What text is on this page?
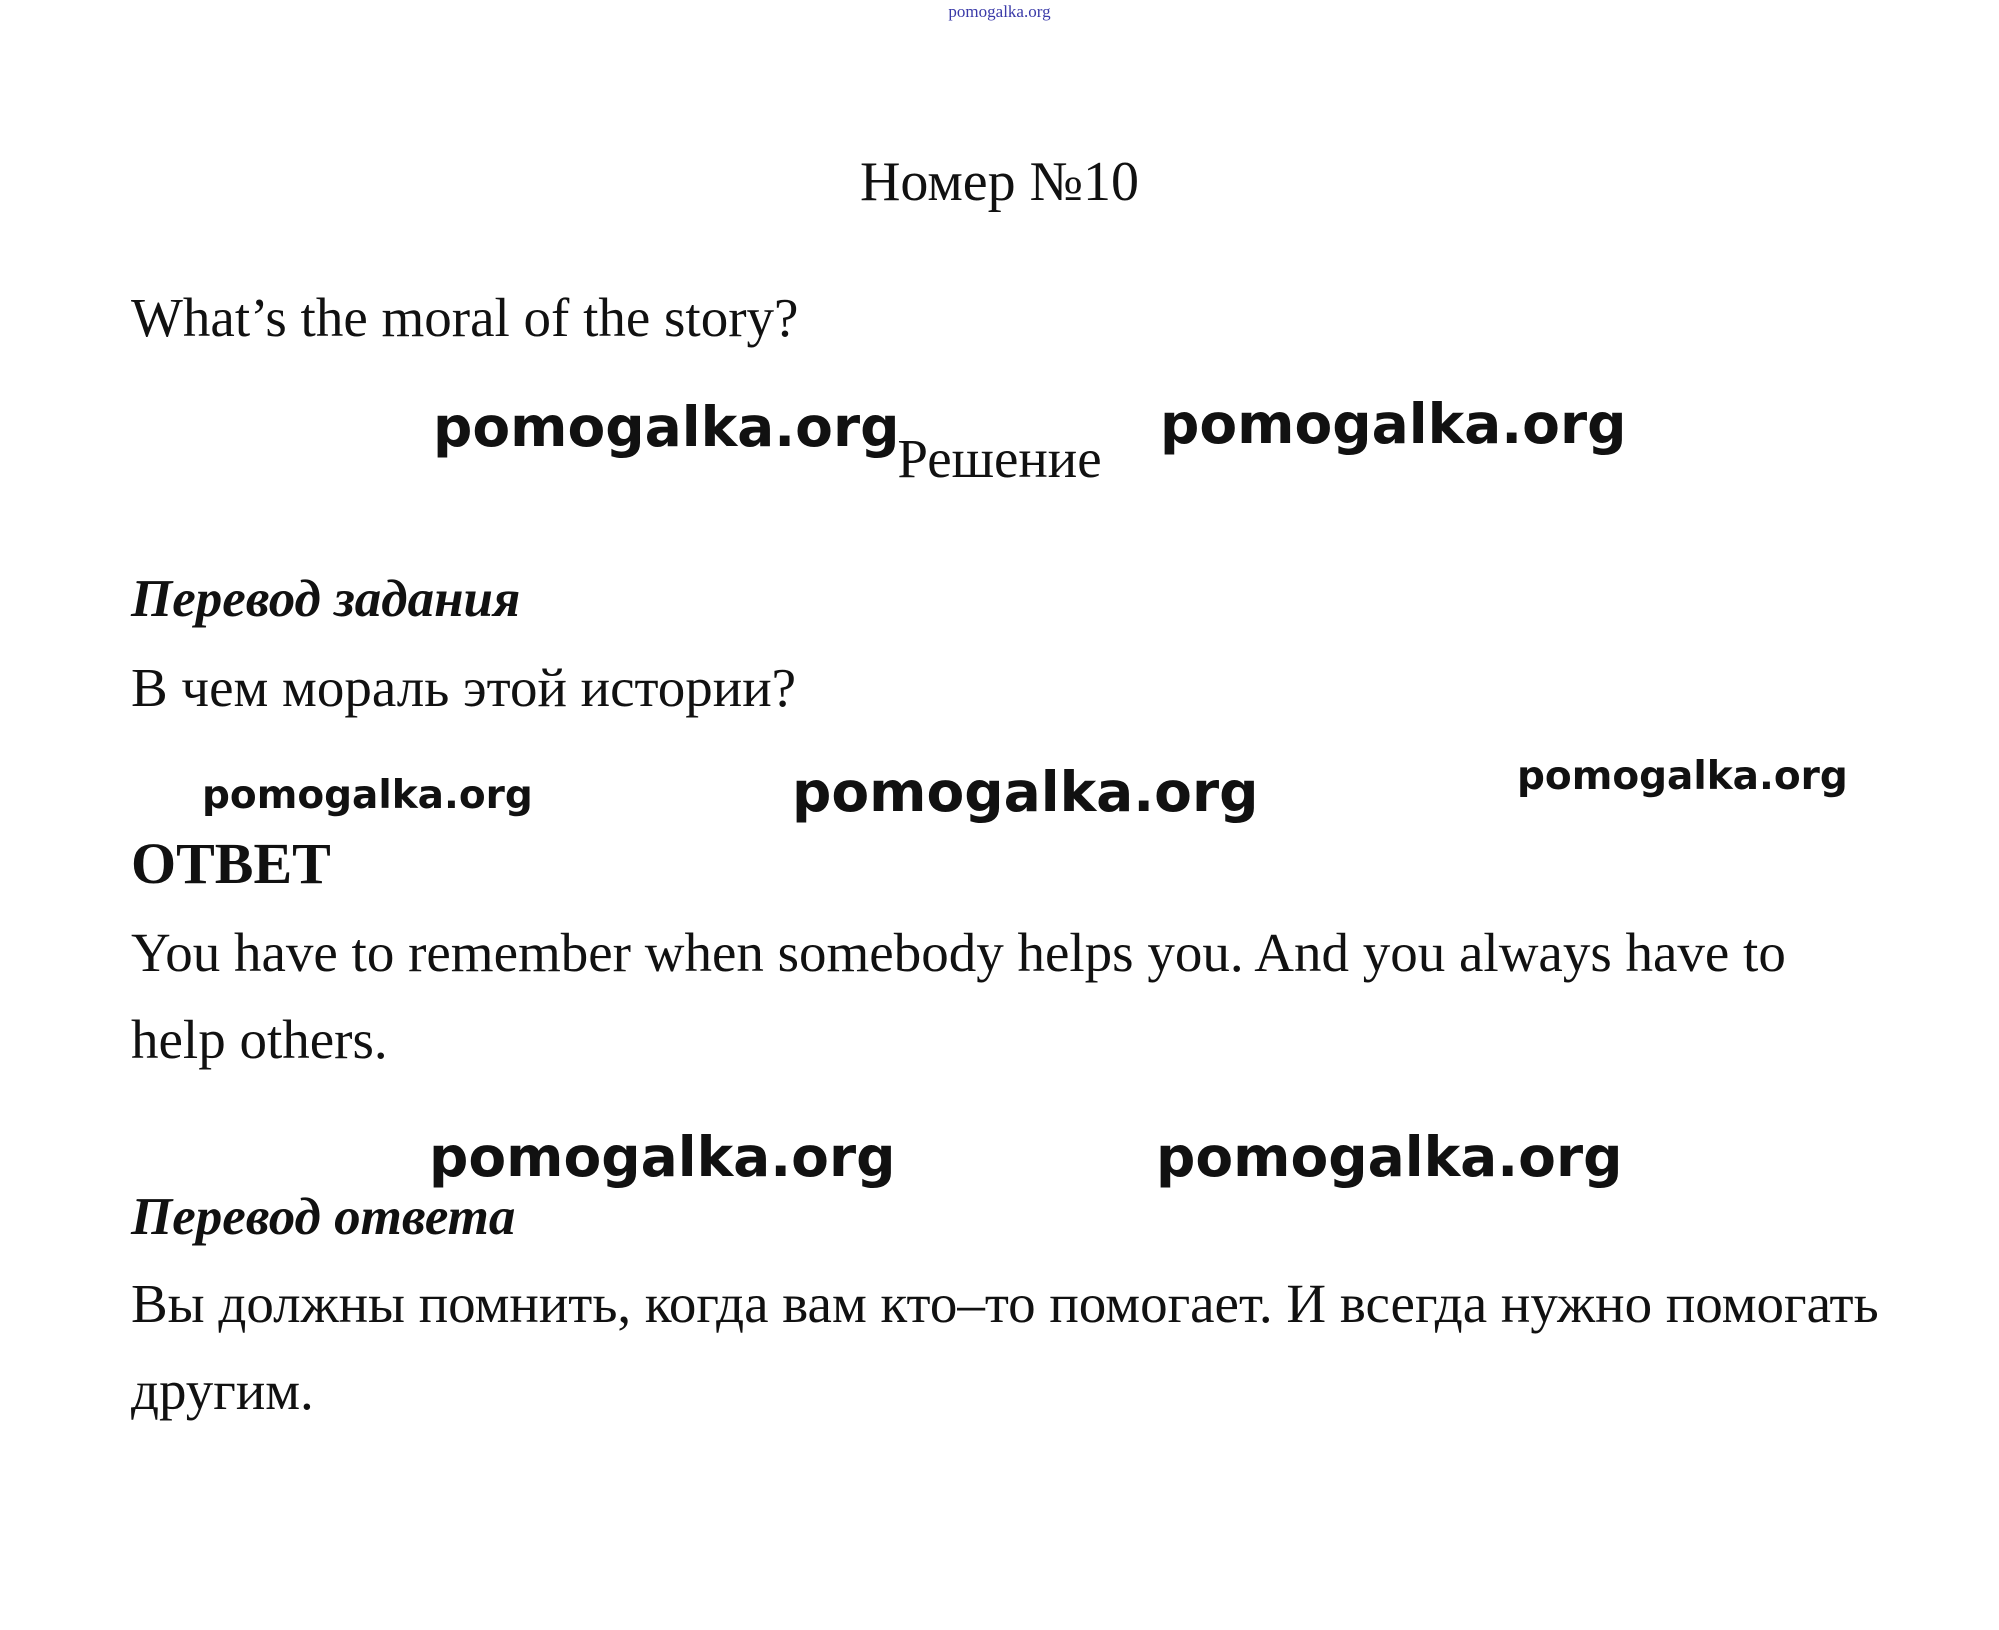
pomogalka.org
Номер №10
What’s the moral of the story?
pomogalka.org
Решение
pomogalka.org
Перевод задания
В чем мораль этой истории?
pomogalka.org	pomogalka.org	pomogalka.org
ОТВЕТ

You have to remember when somebody helps you. And you always have to help others.

pomogalka.org	pomogalka.org
Перевод ответа

Вы должны помнить, когда вам кто–то помогает. И всегда нужно помогать другим.
